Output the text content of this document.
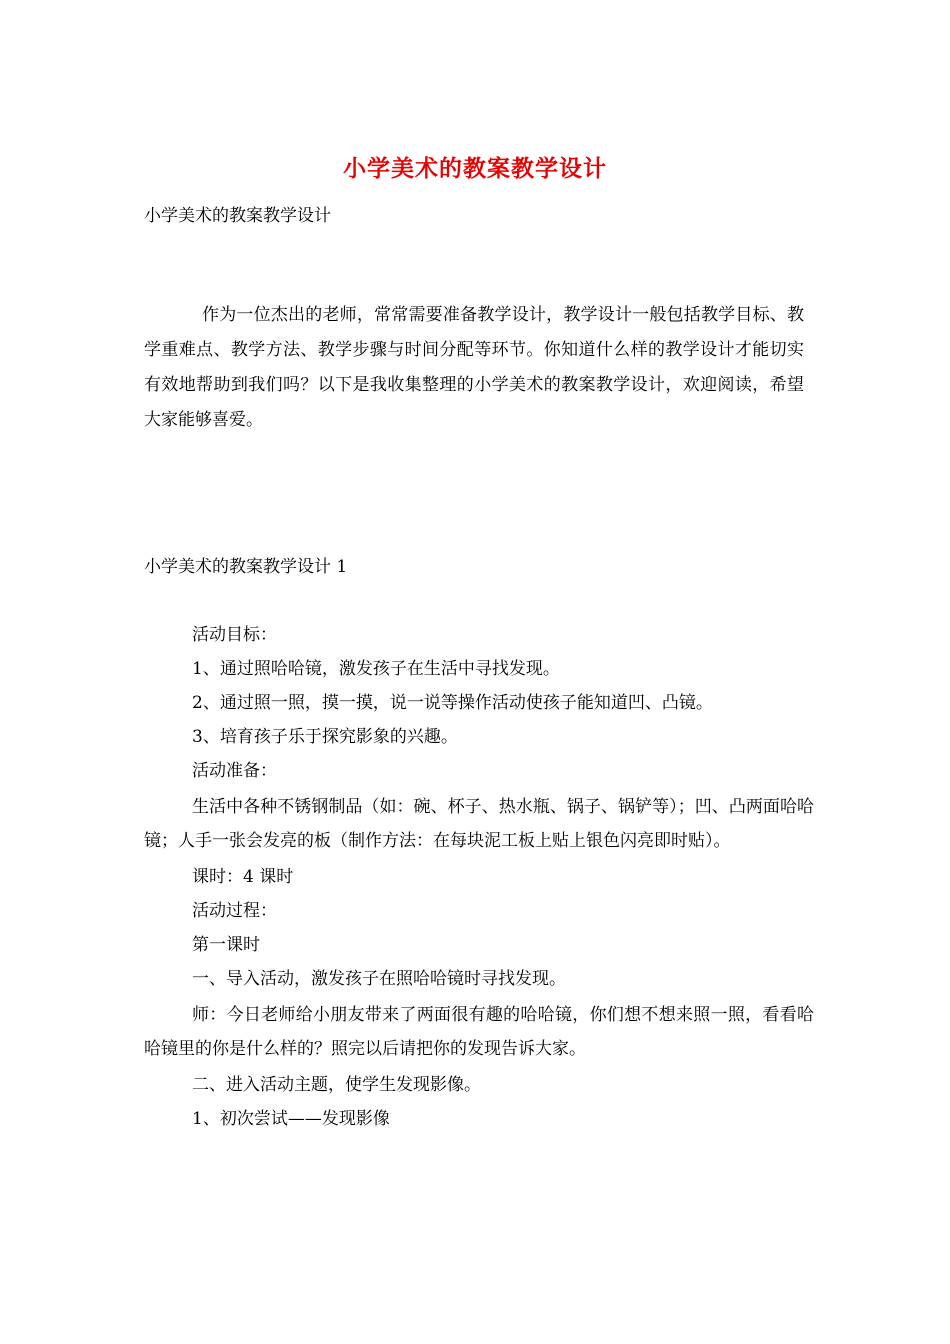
小学美术的教案教学设计
小学美术的教案教学设计
作为一位杰出的老师，常常需要准备教学设计，教学设计一般包括教学目标、教学重难点、教学方法、教学步骤与时间分配等环节。你知道什么样的教学设计才能切实有效地帮助到我们吗？以下是我收集整理的小学美术的教案教学设计，欢迎阅读，希望大家能够喜爱。
小学美术的教案教学设计 1

活动目标：

1、通过照哈哈镜，激发孩子在生活中寻找发现。

2、通过照一照，摸一摸，说一说等操作活动使孩子能知道凹、凸镜。

3、培育孩子乐于探究影象的兴趣。

活动准备：

生活中各种不锈钢制品（如：碗、杯子、热水瓶、锅子、锅铲等）；凹、凸两面哈哈镜；人手一张会发亮的板（制作方法：在每块泥工板上贴上银色闪亮即时贴）。

课时：4 课时

活动过程：

第一课时

一、导入活动，激发孩子在照哈哈镜时寻找发现。

师：今日老师给小朋友带来了两面很有趣的哈哈镜，你们想不想来照一照，看看哈哈镜里的你是什么样的？照完以后请把你的发现告诉大家。

二、进入活动主题，使学生发现影像。

1、初次尝试——发现影像
